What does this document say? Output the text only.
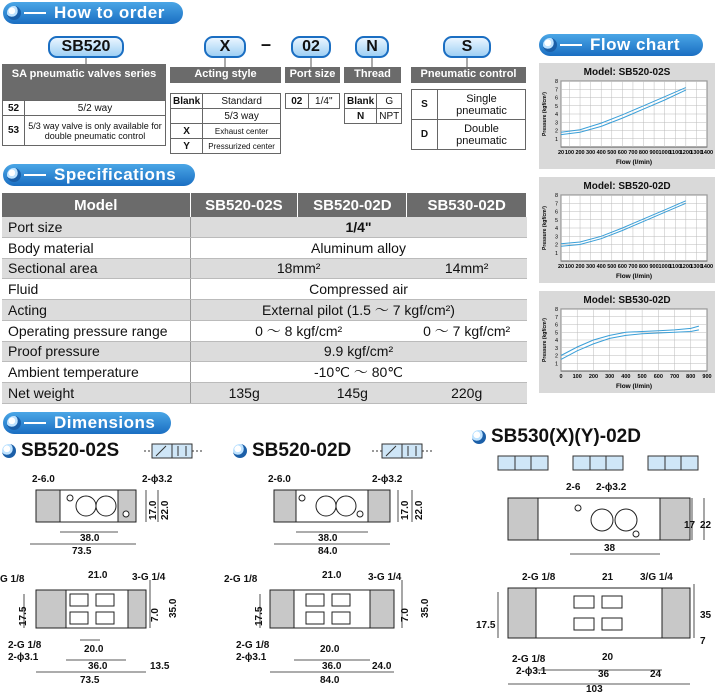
How to order
SB520	X	–	02	N	S
SA pneumatic valves series
52	5/2 way
53	5/3 way valve is only available for double pneumatic control
Acting style
Blank	Standard
	5/3 way
X	Exhaust center
Y	Pressurized center
Port size
02	1/4"
Thread
Blank	G
N	NPT
Pneumatic control
S	Single pneumatic
D	Double pneumatic
Specifications
Model	SB520-02S	SB520-02D	SB530-02D
Port size	1/4"		
Body material	Aluminum alloy		
Sectional area	18mm²		14mm²
Fluid	Compressed air		
Acting	External pilot (1.5 ～ 7 kgf/cm²)		
Operating pressure range	0 ～ 8 kgf/cm²		0 ～ 7 kgf/cm²
Proof pressure	9.9 kgf/cm²		
Ambient temperature	-10℃ ～ 80℃		
Net weight	135g	145g	220g
Flow chart
Model: SB520-02S
1
2
3
4
5
6
7
8
20 100 200 300 400 500 600 700 800 900 1000
1100
1200
1300
1400
Flow (l/min)
Pressure (kgf/cm²)
Model: SB520-02D
1
2
3
4
5
6
7
8
20 100 200 300 400 500 600 700 800 900 1000
1100
1200
1300
1400
Flow (l/min)
Pressure (kgf/cm²)
Model: SB530-02D
1
2
3
4
5
6
7
8
0 100 200 300 400 500 600 700 800 900
Flow (l/min)
Pressure (kgf/cm²)
Dimensions
SB520-02S	SB520-02D
SB530(X)(Y)-02D
2-6.0	2-ϕ3.2
38.0
73.5
17.0 22.0
G 1/8	21.0 3-G 1/4
2-G 1/8	20.0
2-ϕ3.1
36.0	13.5
73.5
17.5	35.0
7.0
2-6.0	2-ϕ3.2
38.0
84.0
17.0 22.0
2-G 1/8	21.0	3-G 1/4
2-G 1/8	20.0
2-ϕ3.1
36.0	24.0
84.0
17.5	35.0
7.0
2-6 2-ϕ3.2
38
17 22
2-G 1/8	21	3/G 1/4
2-G 1/8	20
2-ϕ3.1	36	24
103
17.5
35
7
